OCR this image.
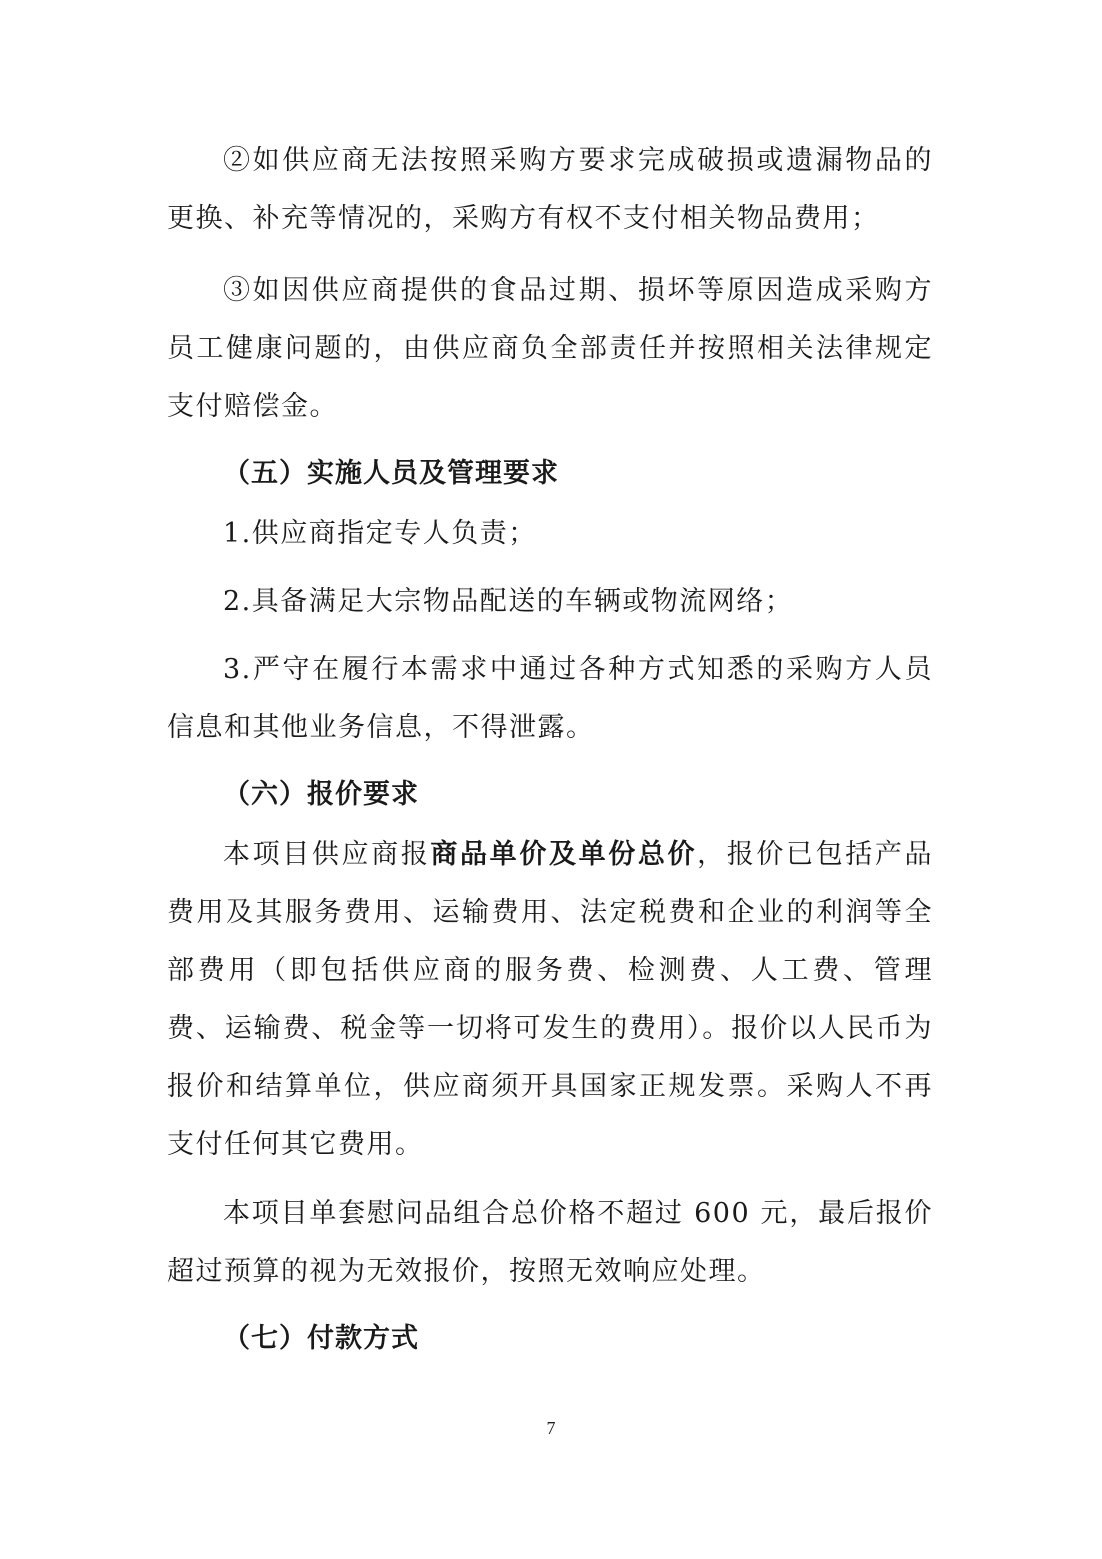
②如供应商无法按照采购方要求完成破损或遗漏物品的更换、补充等情况的，采购方有权不支付相关物品费用；

③如因供应商提供的食品过期、损坏等原因造成采购方员工健康问题的，由供应商负全部责任并按照相关法律规定支付赔偿金。

（五）实施人员及管理要求

1.供应商指定专人负责；

2.具备满足大宗物品配送的车辆或物流网络；

3.严守在履行本需求中通过各种方式知悉的采购方人员信息和其他业务信息，不得泄露。

（六）报价要求

本项目供应商报商品单价及单份总价，报价已包括产品费用及其服务费用、运输费用、法定税费和企业的利润等全部费用（即包括供应商的服务费、检测费、人工费、管理费、运输费、税金等一切将可发生的费用）。报价以人民币为报价和结算单位，供应商须开具国家正规发票。采购人不再支付任何其它费用。

本项目单套慰问品组合总价格不超过 600 元，最后报价超过预算的视为无效报价，按照无效响应处理。

（七）付款方式
7
